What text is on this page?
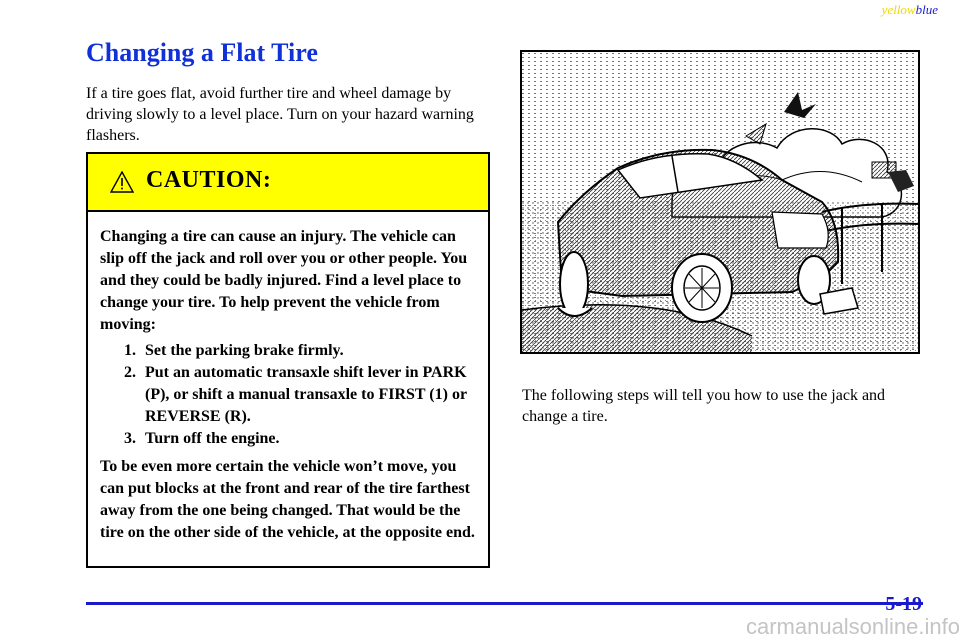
yellowblue
Changing a Flat Tire

If a tire goes flat, avoid further tire and wheel damage by driving slowly to a level place. Turn on your hazard warning flashers.

CAUTION:

Changing a tire can cause an injury. The vehicle can slip off the jack and roll over you or other people. You and they could be badly injured. Find a level place to change your tire. To help prevent the vehicle from moving:

1. Set the parking brake firmly.
2. Put an automatic transaxle shift lever in PARK (P), or shift a manual transaxle to FIRST (1) or REVERSE (R).
3. Turn off the engine.

To be even more certain the vehicle won’t move, you can put blocks at the front and rear of the tire farthest away from the one being changed. That would be the tire on the other side of the vehicle, at the opposite end.

The following steps will tell you how to use the jack and change a tire.

5-19
carmanualsonline.info
